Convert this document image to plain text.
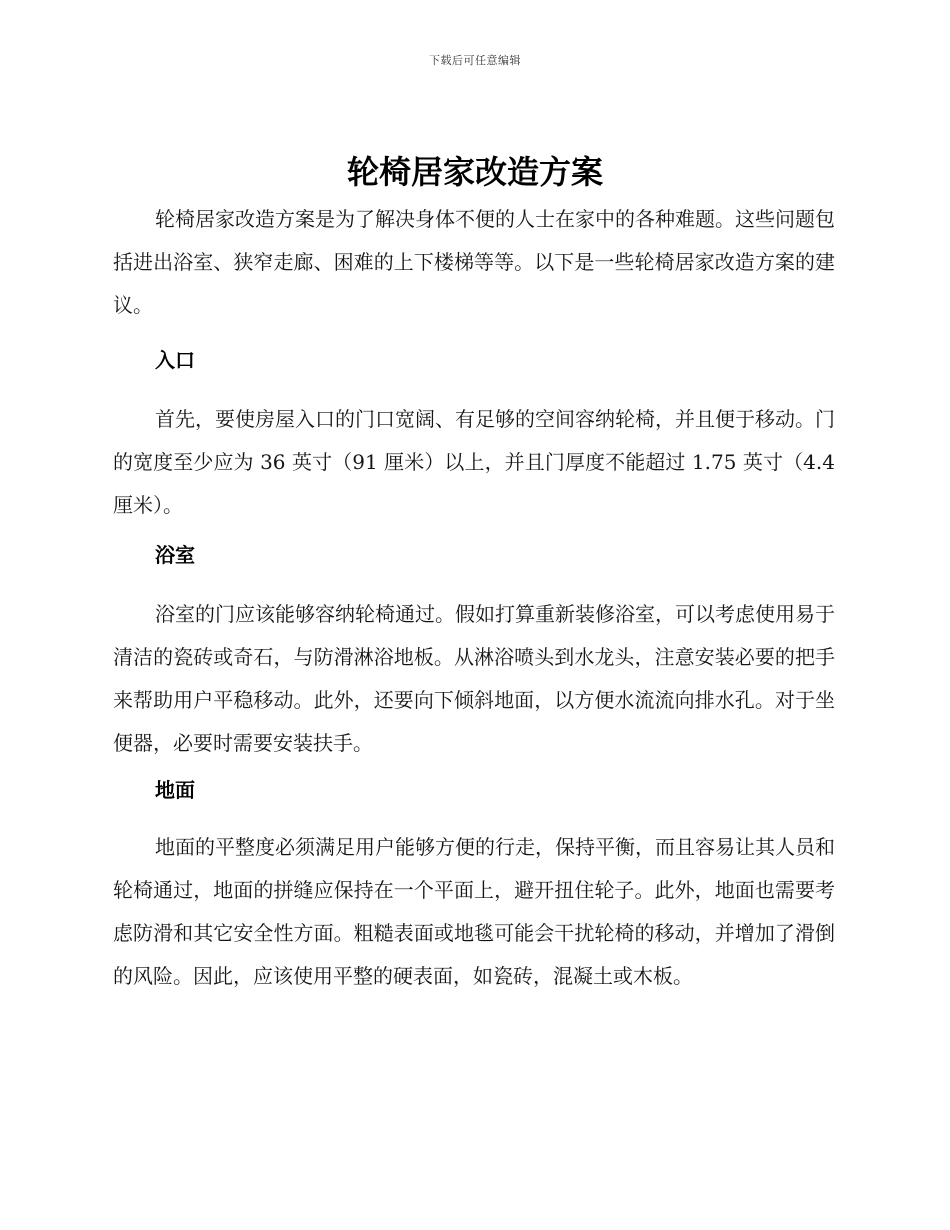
下载后可任意编辑
轮椅居家改造方案

轮椅居家改造方案是为了解决身体不便的人士在家中的各种难题。这些问题包括进出浴室、狭窄走廊、困难的上下楼梯等等。以下是一些轮椅居家改造方案的建议。

入口

首先，要使房屋入口的门口宽阔、有足够的空间容纳轮椅，并且便于移动。门的宽度至少应为 36 英寸（91 厘米）以上，并且门厚度不能超过 1.75 英寸（4.4 厘米）。

浴室

浴室的门应该能够容纳轮椅通过。假如打算重新装修浴室，可以考虑使用易于清洁的瓷砖或奇石，与防滑淋浴地板。从淋浴喷头到水龙头，注意安装必要的把手来帮助用户平稳移动。此外，还要向下倾斜地面，以方便水流流向排水孔。对于坐便器，必要时需要安装扶手。

地面

地面的平整度必须满足用户能够方便的行走，保持平衡，而且容易让其人员和轮椅通过，地面的拼缝应保持在一个平面上，避开扭住轮子。此外，地面也需要考虑防滑和其它安全性方面。粗糙表面或地毯可能会干扰轮椅的移动，并增加了滑倒的风险。因此，应该使用平整的硬表面，如瓷砖，混凝土或木板。
